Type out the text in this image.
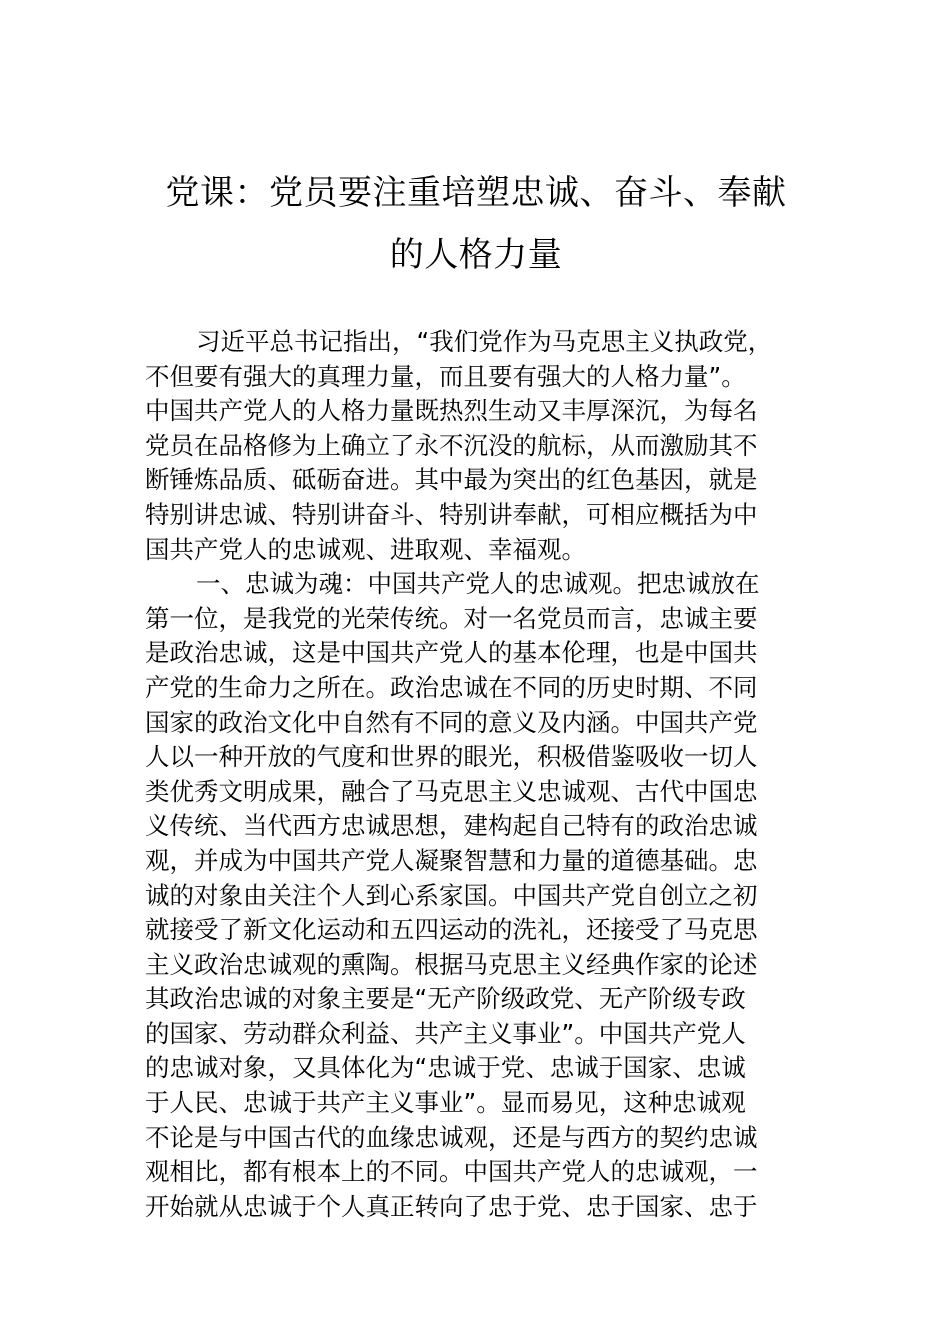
党课：党员要注重培塑忠诚、奋斗、奉献
的人格力量
习近平总书记指出，“我们党作为马克思主义执政党，
不但要有强大的真理力量，而且要有强大的人格力量”。
中国共产党人的人格力量既热烈生动又丰厚深沉，为每名
党员在品格修为上确立了永不沉没的航标，从而激励其不
断锤炼品质、砥砺奋进。其中最为突出的红色基因，就是
特别讲忠诚、特别讲奋斗、特别讲奉献，可相应概括为中
国共产党人的忠诚观、进取观、幸福观。
一、忠诚为魂：中国共产党人的忠诚观。把忠诚放在
第一位，是我党的光荣传统。对一名党员而言，忠诚主要
是政治忠诚，这是中国共产党人的基本伦理，也是中国共
产党的生命力之所在。政治忠诚在不同的历史时期、不同
国家的政治文化中自然有不同的意义及内涵。中国共产党
人以一种开放的气度和世界的眼光，积极借鉴吸收一切人
类优秀文明成果，融合了马克思主义忠诚观、古代中国忠
义传统、当代西方忠诚思想，建构起自己特有的政治忠诚
观，并成为中国共产党人凝聚智慧和力量的道德基础。忠
诚的对象由关注个人到心系家国。中国共产党自创立之初
就接受了新文化运动和五四运动的洗礼，还接受了马克思
主义政治忠诚观的熏陶。根据马克思主义经典作家的论述
其政治忠诚的对象主要是“无产阶级政党、无产阶级专政
的国家、劳动群众利益、共产主义事业”。中国共产党人
的忠诚对象，又具体化为“忠诚于党、忠诚于国家、忠诚
于人民、忠诚于共产主义事业”。显而易见，这种忠诚观
不论是与中国古代的血缘忠诚观，还是与西方的契约忠诚
观相比，都有根本上的不同。中国共产党人的忠诚观，一
开始就从忠诚于个人真正转向了忠于党、忠于国家、忠于
